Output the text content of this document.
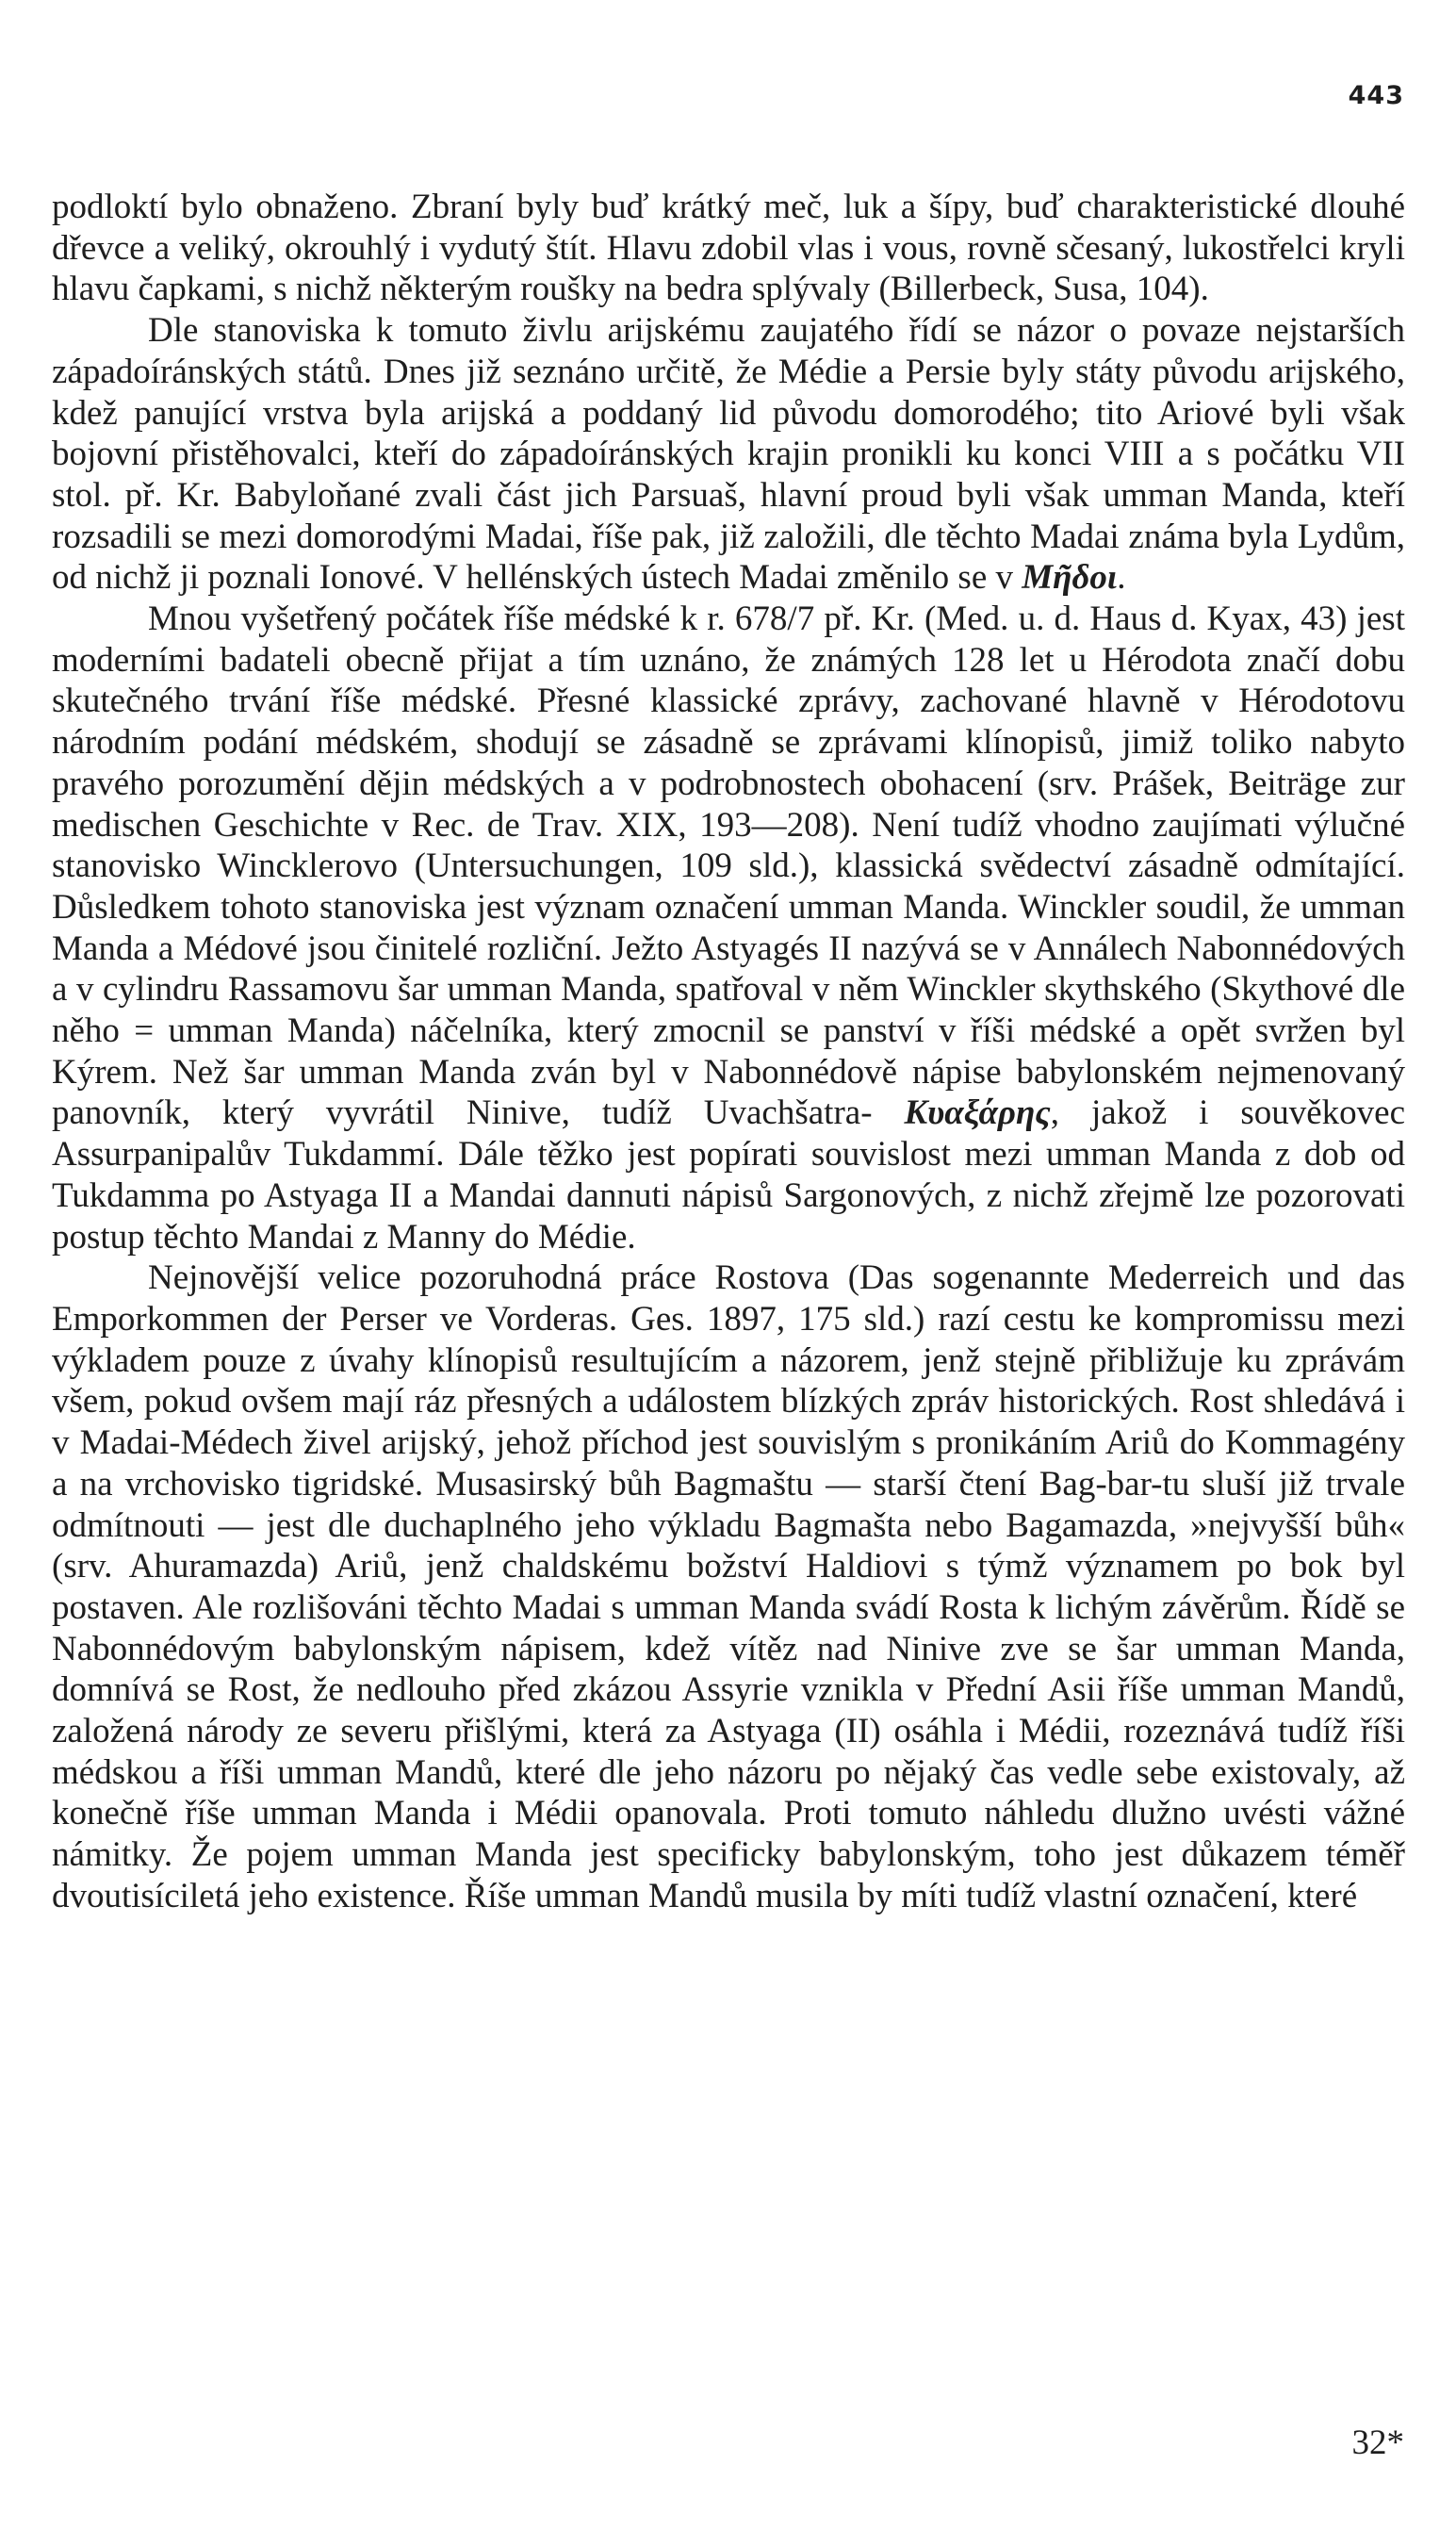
443

podloktí bylo obnaženo. Zbraní byly buď krátký meč, luk a šípy, buď charakteristické dlouhé dřevce a veliký, okrouhlý i vydutý štít. Hlavu zdobil vlas i vous, rovně sčesaný, lukostřelci kryli hlavu čapkami, s nichž některým roušky na bedra splývaly (Billerbeck, Susa, 104).

Dle stanoviska k tomuto živlu arijskému zaujatého řídí se názor o povaze nejstarších západoíránských států. Dnes již seznáno určitě, že Médie a Persie byly státy původu arijského, kdež panující vrstva byla arijská a poddaný lid původu domorodého; tito Ariové byli však bojovní přistěhovalci, kteří do západoíránských krajin pronikli ku konci VIII a s počátku VII stol. př. Kr. Babyloňané zvali část jich Parsuaš, hlavní proud byli však umman Manda, kteří rozsadili se mezi domorodými Madai, říše pak, již založili, dle těchto Madai známa byla Lydům, od nichž ji poznali Ionové. V hellénských ústech Madai změnilo se v Μῆδοι.

Mnou vyšetřený počátek říše médské k r. 678/7 př. Kr. (Med. u. d. Haus d. Kyax, 43) jest moderními badateli obecně přijat a tím uznáno, že známých 128 let u Hérodota značí dobu skutečného trvání říše médské. Přesné klassické zprávy, zachované hlavně v Hérodotovu národním podání médském, shodují se zásadně se zprávami klínopisů, jimiž toliko nabyto pravého porozumění dějin médských a v podrobnostech obohacení (srv. Prášek, Beiträge zur medischen Geschichte v Rec. de Trav. XIX, 193—208). Není tudíž vhodno zaujímati výlučné stanovisko Wincklerovo (Untersuchungen, 109 sld.), klassická svědectví zásadně odmítající. Důsledkem tohoto stanoviska jest význam označení umman Manda. Winckler soudil, že umman Manda a Médové jsou činitelé rozliční. Ježto Astyagés II nazývá se v Annálech Nabonnédových a v cylindru Rassamovu šar umman Manda, spatřoval v něm Winckler skythského (Skythové dle něho = umman Manda) náčelníka, který zmocnil se panství v říši médské a opět svržen byl Kýrem. Než šar umman Manda zván byl v Nabonnédově nápise babylonském nejmenovaný panovník, který vyvrátil Ninive, tudíž Uvachšatra- Κυαξάρης, jakož i souvěkovec Assurpanipalův Tukdammí. Dále těžko jest popírati souvislost mezi umman Manda z dob od Tukdamma po Astyaga II a Mandai dannuti nápisů Sargonových, z nichž zřejmě lze pozorovati postup těchto Mandai z Manny do Médie.

Nejnovější velice pozoruhodná práce Rostova (Das sogenannte Mederreich und das Emporkommen der Perser ve Vorderas. Ges. 1897, 175 sld.) razí cestu ke kompromissu mezi výkladem pouze z úvahy klínopisů resultujícím a názorem, jenž stejně přibližuje ku zprávám všem, pokud ovšem mají ráz přesných a událostem blízkých zpráv historických. Rost shledává i v Madai-Médech živel arijský, jehož příchod jest souvislým s pronikáním Ariů do Kommagény a na vrchovisko tigridské. Musasirský bůh Bagmaštu — starší čtení Bag-bar-tu sluší již trvale odmítnouti — jest dle duchaplného jeho výkladu Bagmašta nebo Bagamazda, »nejvyšší bůh« (srv. Ahuramazda) Ariů, jenž chaldskému božství Haldiovi s týmž významem po bok byl postaven. Ale rozlišováni těchto Madai s umman Manda svádí Rosta k lichým závěrům. Řídě se Nabonnédovým babylonským nápisem, kdež vítěz nad Ninive zve se šar umman Manda, domnívá se Rost, že nedlouho před zkázou Assyrie vznikla v Přední Asii říše umman Mandů, založená národy ze severu přišlými, která za Astyaga (II) osáhla i Médii, rozeznává tudíž říši médskou a říši umman Mandů, které dle jeho názoru po nějaký čas vedle sebe existovaly, až konečně říše umman Manda i Médii opanovala. Proti tomuto náhledu dlužno uvésti vážné námitky. Že pojem umman Manda jest specificky babylonským, toho jest důkazem téměř dvoutisíciletá jeho existence. Říše umman Mandů musila by míti tudíž vlastní označení, které

32*
